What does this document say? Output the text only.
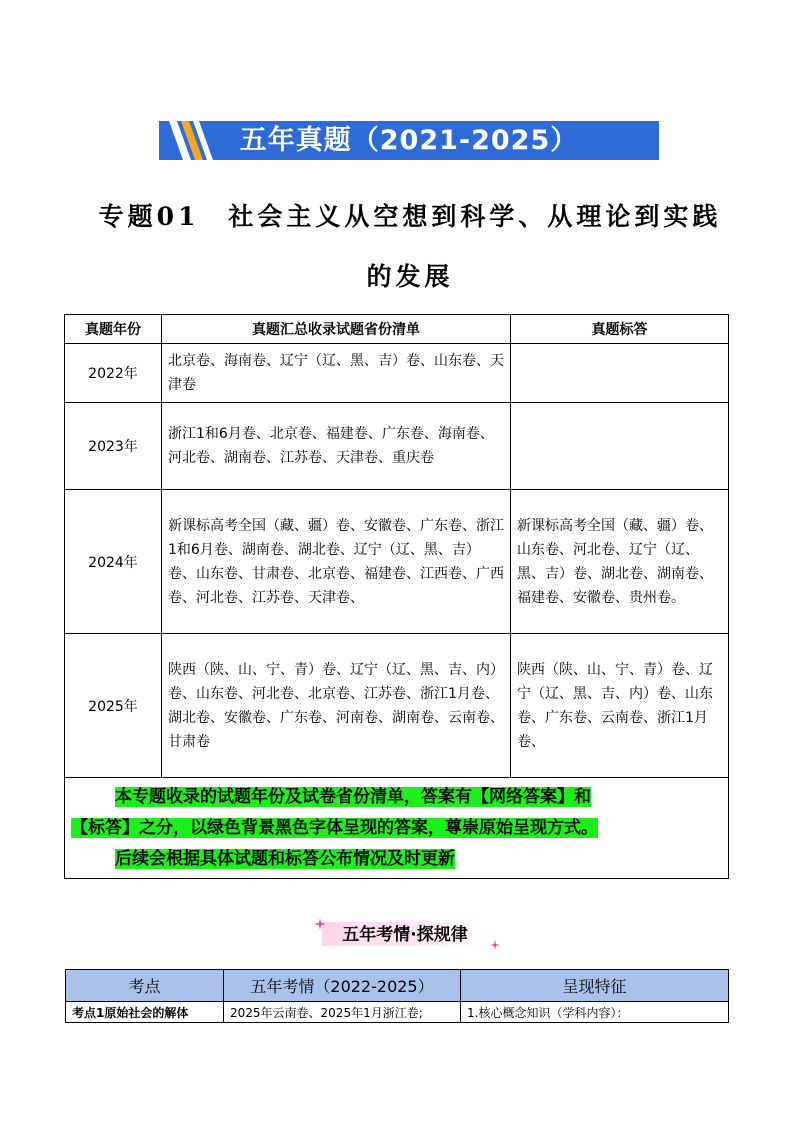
五年真题（2021-2025）
专题01　社会主义从空想到科学、从理论到实践
的发展
真题年份	真题汇总收录试题省份清单	真题标答
2022年	北京卷、海南卷、辽宁（辽、黑、吉）卷、山东卷、天津卷	
2023年	浙江1和6月卷、北京卷、福建卷、广东卷、海南卷、河北卷、湖南卷、江苏卷、天津卷、重庆卷	
2024年	新课标高考全国（藏、疆）卷、安徽卷、广东卷、浙江1和6月卷、湖南卷、湖北卷、辽宁（辽、黑、吉）卷、山东卷、甘肃卷、北京卷、福建卷、江西卷、广西卷、河北卷、江苏卷、天津卷、	新课标高考全国（藏、疆）卷、山东卷、河北卷、辽宁（辽、黑、吉）卷、湖北卷、湖南卷、福建卷、安徽卷、贵州卷。
2025年	陕西（陕、山、宁、青）卷、辽宁（辽、黑、吉、内）卷、山东卷、河北卷、北京卷、江苏卷、浙江1月卷、湖北卷、安徽卷、广东卷、河南卷、湖南卷、云南卷、甘肃卷	陕西（陕、山、宁、青）卷、辽宁（辽、黑、吉、内）卷、山东卷、广东卷、云南卷、浙江1月卷、

本专题收录的试题年份及试卷省份清单，答案有【网络答案】和
【标答】之分，以绿色背景黑色字体呈现的答案，尊崇原始呈现方式。
后续会根据具体试题和标答公布情况及时更新		
五年考情·探规律
考点	五年考情（2022-2025）	呈现特征
考点1原始社会的解体	2025年云南卷、2025年1月浙江卷;	1.核心概念知识（学科内容）：
